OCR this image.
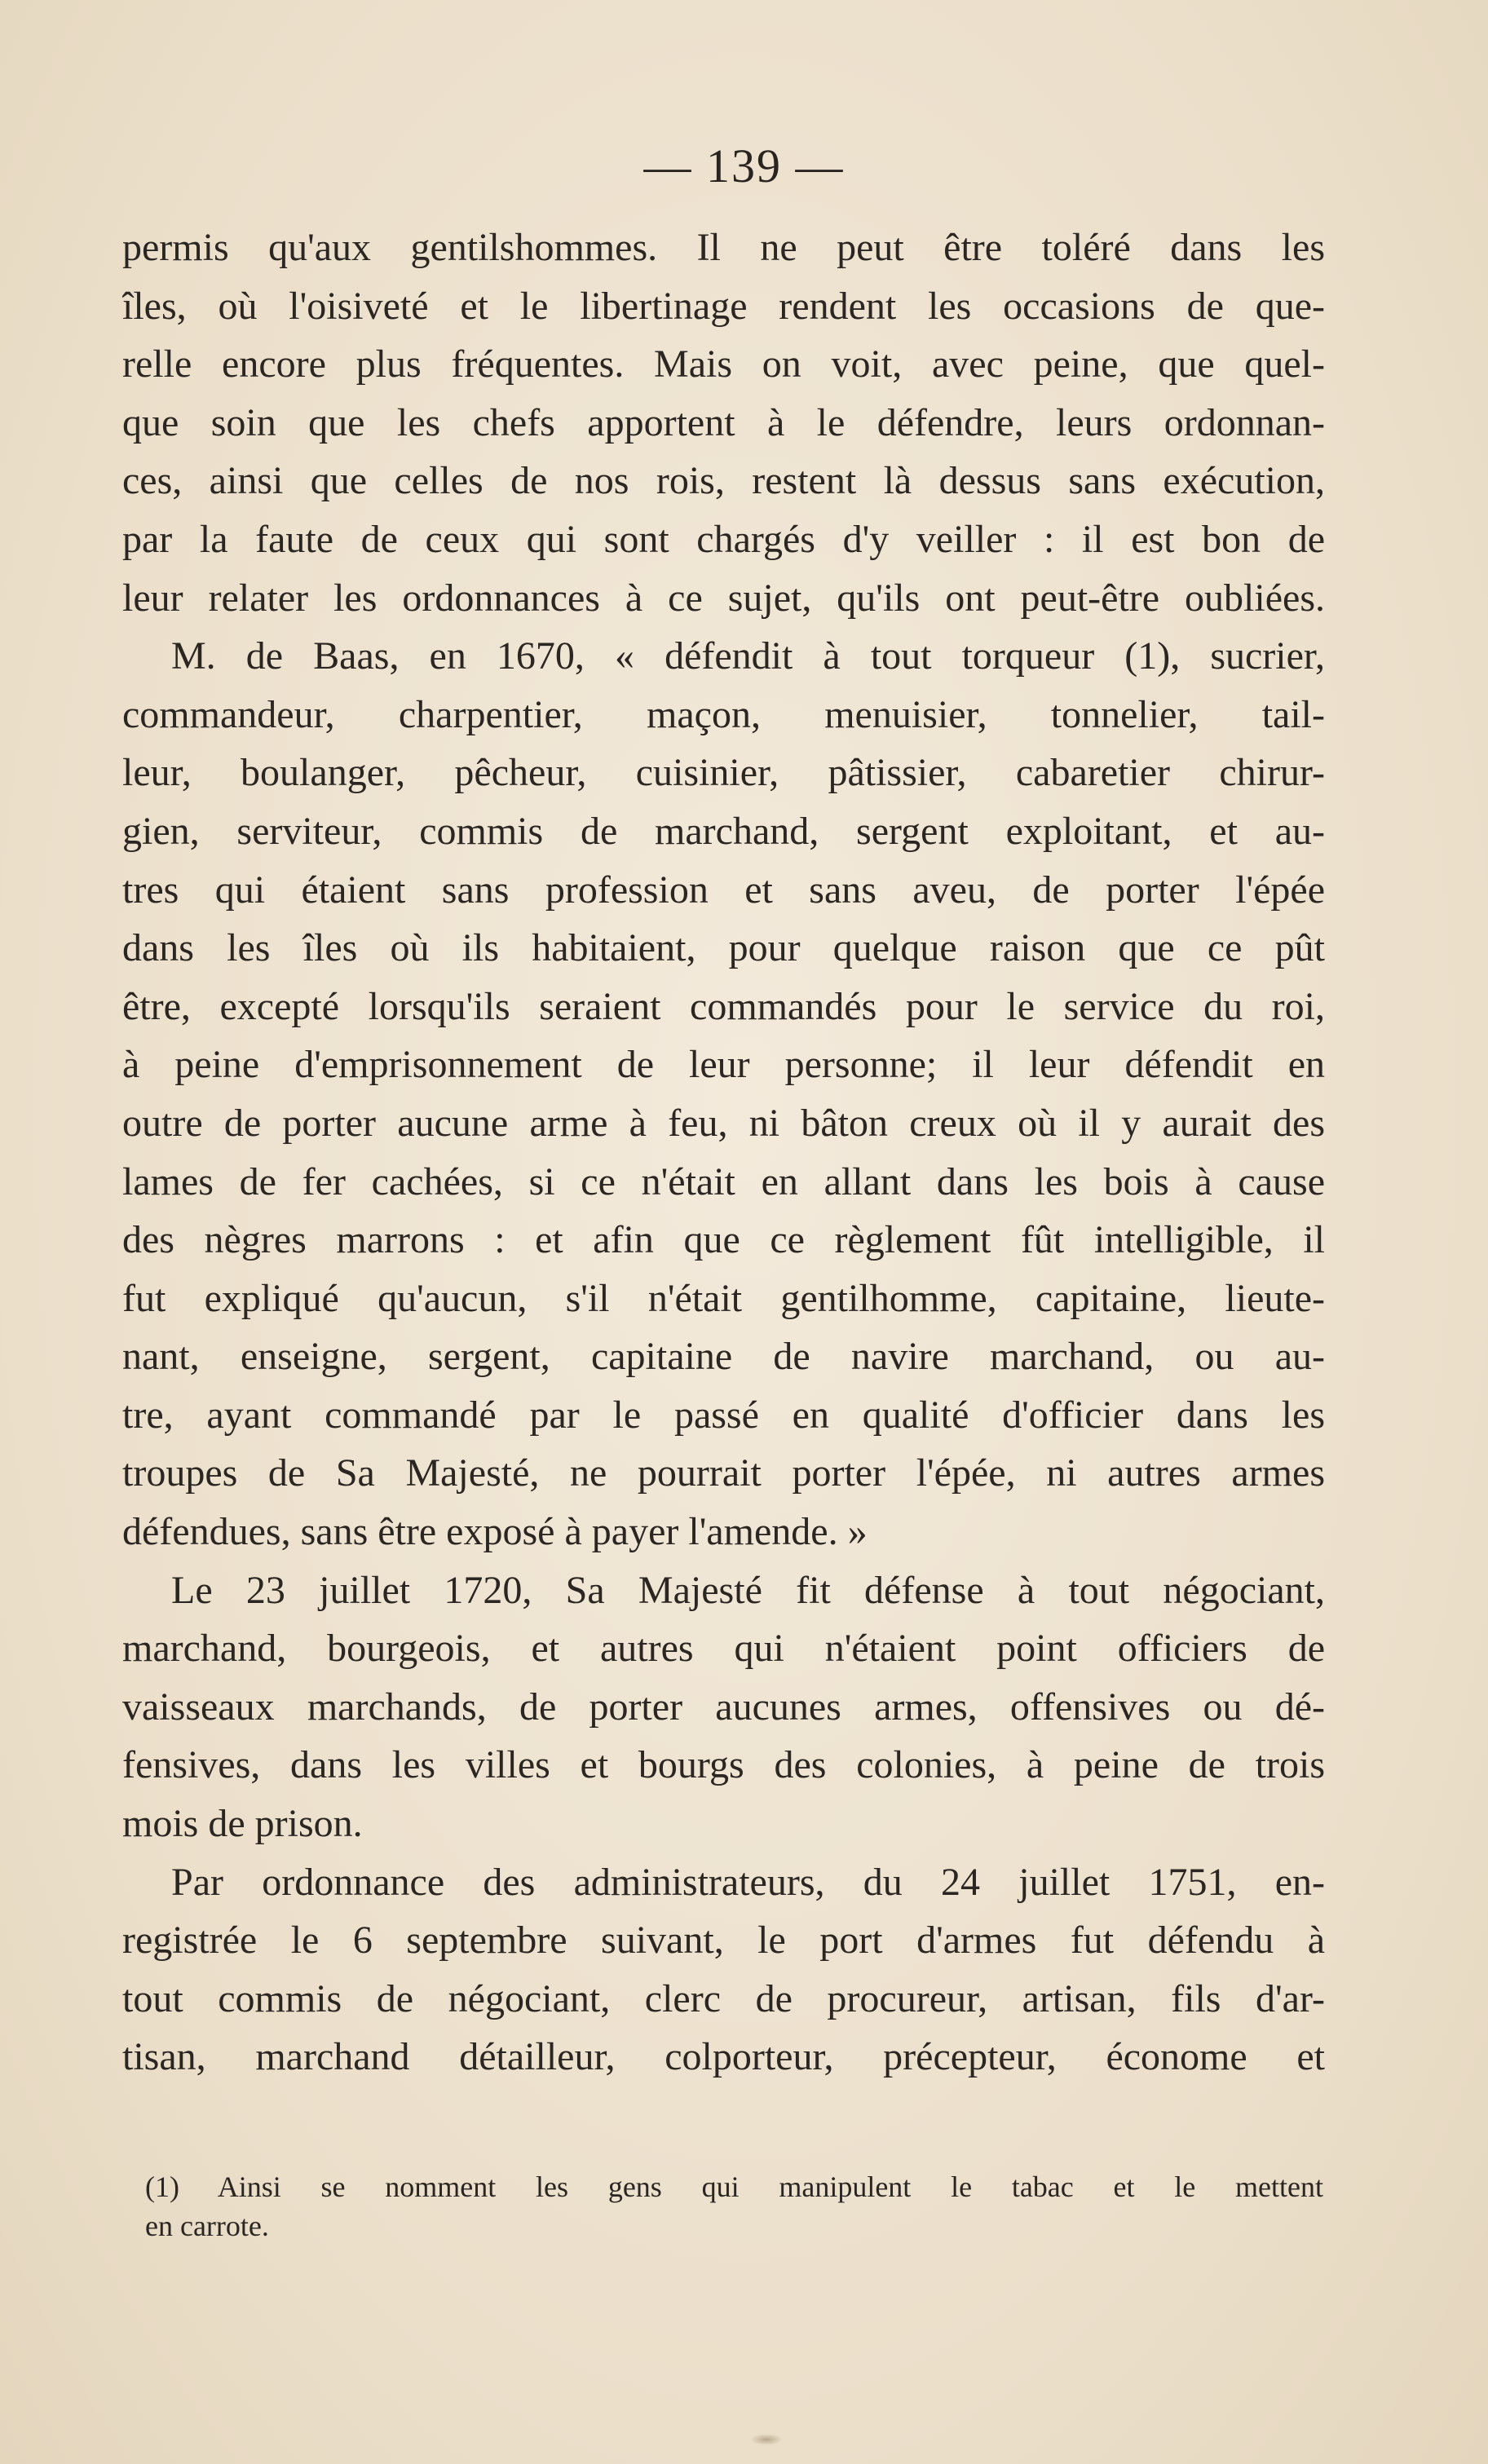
— 139 —
permis qu'aux gentilshommes. Il ne peut être toléré dans les
îles, où l'oisiveté et le libertinage rendent les occasions de que-
relle encore plus fréquentes. Mais on voit, avec peine, que quel-
que soin que les chefs apportent à le défendre, leurs ordonnan-
ces, ainsi que celles de nos rois, restent là dessus sans exécution,
par la faute de ceux qui sont chargés d'y veiller : il est bon de
leur relater les ordonnances à ce sujet, qu'ils ont peut-être oubliées.
M. de Baas, en 1670, « défendit à tout torqueur (1), sucrier,
commandeur, charpentier, maçon, menuisier, tonnelier, tail-
leur, boulanger, pêcheur, cuisinier, pâtissier, cabaretier chirur-
gien, serviteur, commis de marchand, sergent exploitant, et au-
tres qui étaient sans profession et sans aveu, de porter l'épée
dans les îles où ils habitaient, pour quelque raison que ce pût
être, excepté lorsqu'ils seraient commandés pour le service du roi,
à peine d'emprisonnement de leur personne; il leur défendit en
outre de porter aucune arme à feu, ni bâton creux où il y aurait des
lames de fer cachées, si ce n'était en allant dans les bois à cause
des nègres marrons : et afin que ce règlement fût intelligible, il
fut expliqué qu'aucun, s'il n'était gentilhomme, capitaine, lieute-
nant, enseigne, sergent, capitaine de navire marchand, ou au-
tre, ayant commandé par le passé en qualité d'officier dans les
troupes de Sa Majesté, ne pourrait porter l'épée, ni autres armes
défendues, sans être exposé à payer l'amende. »
Le 23 juillet 1720, Sa Majesté fit défense à tout négociant,
marchand, bourgeois, et autres qui n'étaient point officiers de
vaisseaux marchands, de porter aucunes armes, offensives ou dé-
fensives, dans les villes et bourgs des colonies, à peine de trois
mois de prison.
Par ordonnance des administrateurs, du 24 juillet 1751, en-
registrée le 6 septembre suivant, le port d'armes fut défendu à
tout commis de négociant, clerc de procureur, artisan, fils d'ar-
tisan, marchand détailleur, colporteur, précepteur, économe et
(1) Ainsi se nomment les gens qui manipulent le tabac et le mettent
en carrote.
